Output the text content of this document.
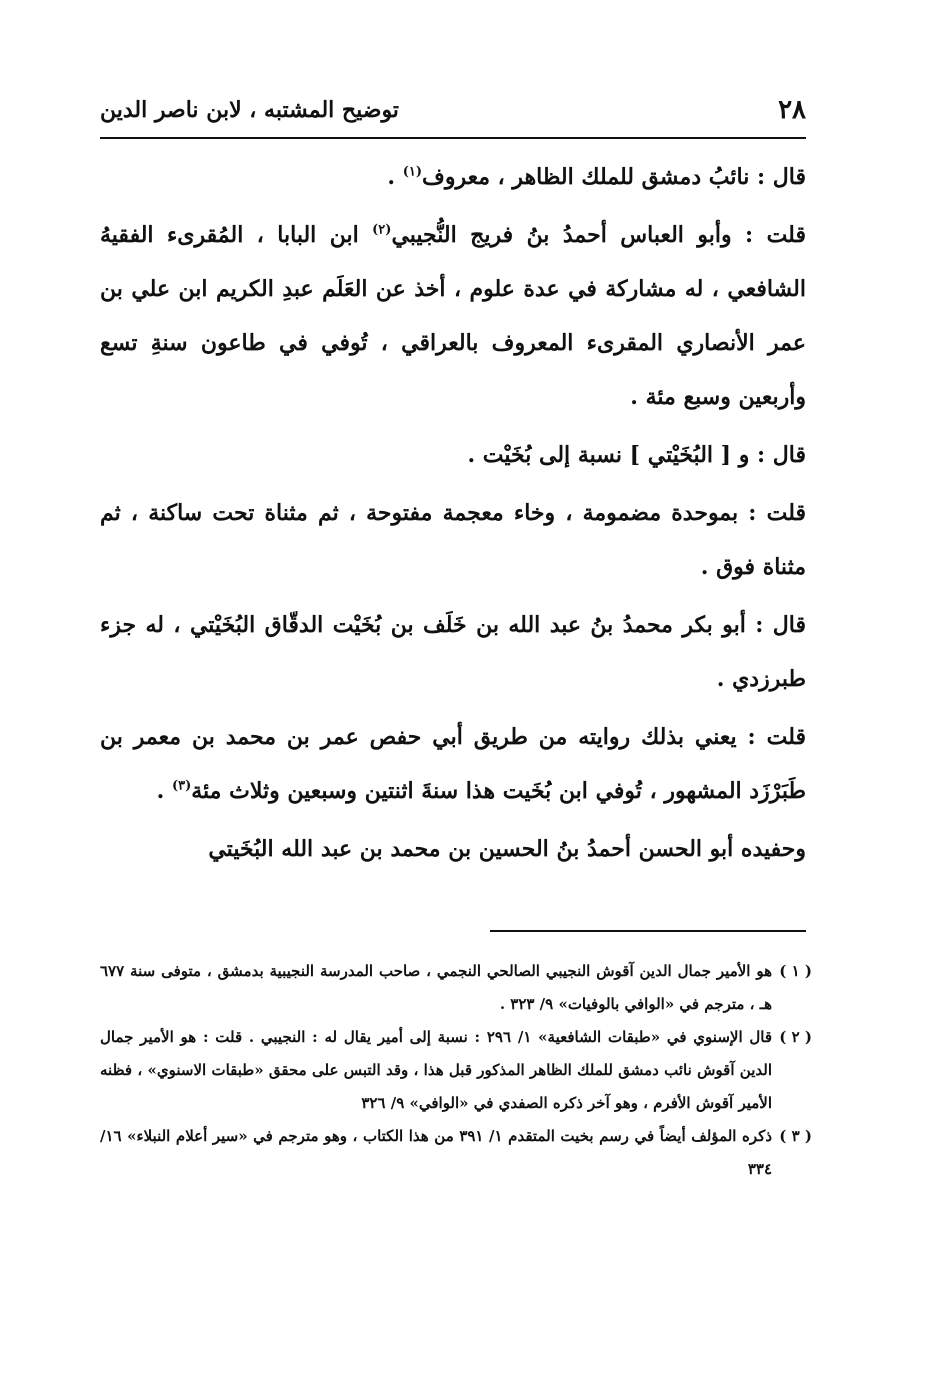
٢٨
توضيح المشتبه ، لابن ناصر الدين

قال : نائبُ دمشق للملك الظاهر ، معروف$^{(١)}$ .

قلت : وأبو العباس أحمدُ بنُ فريج النُّجيبي$^{(٢)}$ ابن البابا ، المُقرىء الفقيهُ الشافعي ، له مشاركة في عدة علوم ، أخذ عن العَلَم عبدِ الكريم ابن علي بن عمر الأنصاري المقرىء المعروف بالعراقي ، تُوفي في طاعون سنةِ تسع وأربعين وسبع مئة .

قال : و [ البُخَيْتي ] نسبة إلى بُخَيْت .

قلت : بموحدة مضمومة ، وخاء معجمة مفتوحة ، ثم مثناة تحت ساكنة ، ثم مثناة فوق .

قال : أبو بكر محمدُ بنُ عبد الله بن خَلَف بن بُخَيْت الدقّاق البُخَيْتي ، له جزء طبرزدي .

قلت : يعني بذلك روايته من طريق أبي حفص عمر بن محمد بن معمر بن طَبَرْزَد المشهور ، تُوفي ابن بُخَيت هذا سنةَ اثنتين وسبعين وثلاث مئة$^{(٣)}$ .

وحفيده أبو الحسن أحمدُ بنُ الحسين بن محمد بن عبد الله البُخَيتي

( ١ )
هو الأمير جمال الدين آقوش النجيبي الصالحي النجمي ، صاحب المدرسة النجيبية بدمشق ، متوفى سنة ٦٧٧ هـ ، مترجم في «الوافي بالوفيات» ٩/ ٣٢٣ .

( ٢ )
قال الإسنوي في «طبقات الشافعية» ١/ ٢٩٦ : نسبة إلى أمير يقال له : النجيبي . قلت : هو الأمير جمال الدين آقوش نائب دمشق للملك الظاهر المذكور قبل هذا ، وقد التبس على محقق «طبقات الاسنوي» ، فظنه الأمير آقوش الأفرم ، وهو آخر ذكره الصفدي في «الوافي» ٩/ ٣٢٦

( ٣ )
ذكره المؤلف أيضاً في رسم بخيت المتقدم ١/ ٣٩١ من هذا الكتاب ، وهو مترجم في «سير أعلام النبلاء» ١٦/ ٣٣٤
